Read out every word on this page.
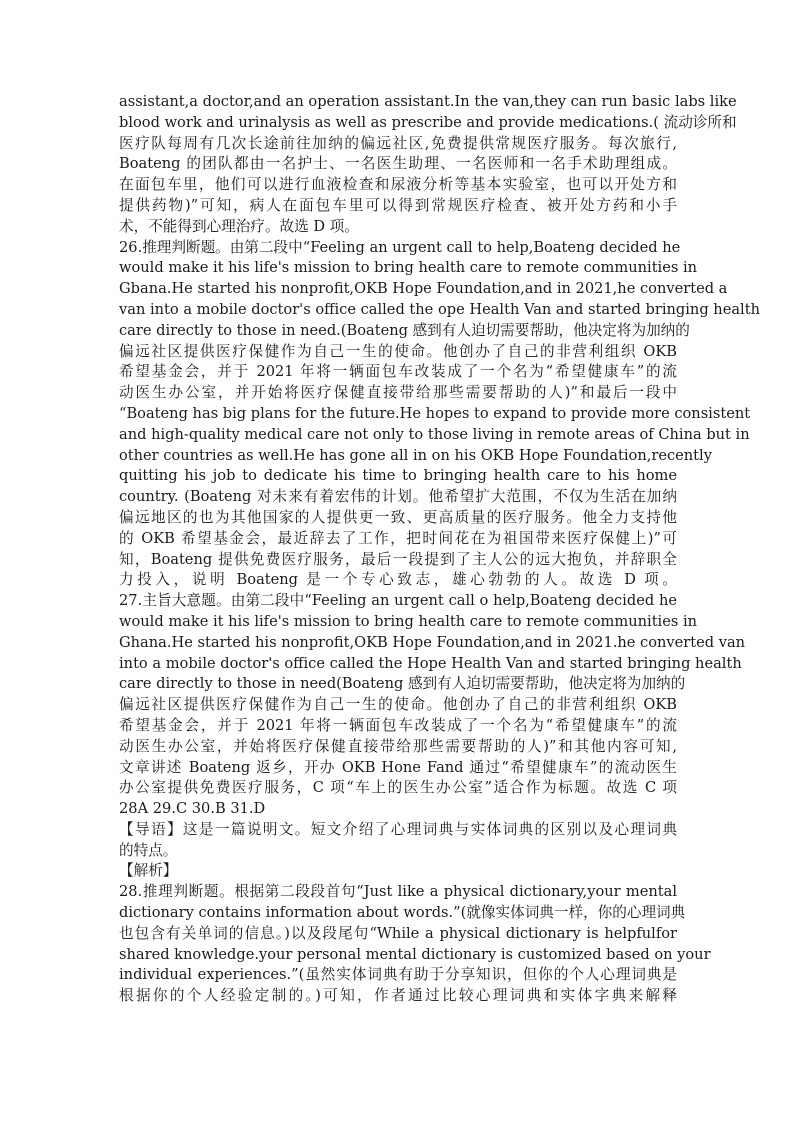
assistant,a doctor,and an operation assistant.In the van,they can run basic labs like
blood work and urinalysis as well as prescribe and provide medications.( 流动诊所和
医疗队每周有几次长途前往加纳的偏远社区,免费提供常规医疗服务。每次旅行,
Boateng 的团队都由一名护士、一名医生助理、一名医师和一名手术助理组成。
在面包车里，他们可以进行血液检查和尿液分析等基本实验室，也可以开处方和
提供药物)”可知，病人在面包车里可以得到常规医疗检查、被开处方药和小手
术，不能得到心理治疗。故选 D 项。
26.推理判断题。由第二段中“Feeling an urgent call to help,Boateng decided he
would make it his life's mission to bring health care to remote communities in
Gbana.He started his nonprofit,OKB Hope Foundation,and in 2021,he converted a
van into a mobile doctor's office called the ope Health Van and started bringing health
care directly to those in need.(Boateng 感到有人迫切需要帮助，他决定将为加纳的
偏远社区提供医疗保健作为自己一生的使命。他创办了自己的非营利组织 OKB
希望基金会，并于 2021 年将一辆面包车改装成了一个名为“希望健康车”的流
动医生办公室，并开始将医疗保健直接带给那些需要帮助的人)”和最后一段中
“Boateng has big plans for the future.He hopes to expand to provide more consistent
and high-quality medical care not only to those living in remote areas of China but in
other countries as well.He has gone all in on his OKB Hope Foundation,recently
quitting his job to dedicate his time to bringing health care to his home
country. (Boateng 对未来有着宏伟的计划。他希望扩大范围，不仅为生活在加纳
偏远地区的也为其他国家的人提供更一致、更高质量的医疗服务。他全力支持他
的 OKB 希望基金会，最近辞去了工作，把时间花在为祖国带来医疗保健上)”可
知，Boateng 提供免费医疗服务，最后一段提到了主人公的远大抱负，并辞职全
力投入，说明 Boateng 是一个专心致志，雄心勃勃的人。故选 D 项。
27.主旨大意题。由第二段中“Feeling an urgent call o help,Boateng decided he
would make it his life's mission to bring health care to remote communities in
Ghana.He started his nonprofit,OKB Hope Foundation,and in 2021.he converted van
into a mobile doctor's office called the Hope Health Van and started bringing health
care directly to those in need(Boateng 感到有人迫切需要帮助，他决定将为加纳的
偏远社区提供医疗保健作为自己一生的使命。他创办了自己的非营利组织 OKB
希望基金会，并于 2021 年将一辆面包车改装成了一个名为“希望健康车”的流
动医生办公室，并始将医疗保健直接带给那些需要帮助的人)”和其他内容可知,
文章讲述 Boateng 返乡，开办 OKB Hone Fand 通过“希望健康车”的流动医生
办公室提供免费医疗服务，C 项“车上的医生办公室”适合作为标题。故选 C 项
28A 29.C 30.B 31.D
【导语】这是一篇说明文。短文介绍了心理词典与实体词典的区别以及心理词典
的特点。
【解析】
28.推理判断题。根据第二段段首句“Just like a physical dictionary,your mental
dictionary contains information about words.”(就像实体词典一样，你的心理词典
也包含有关单词的信息。)以及段尾句“While a physical dictionary is helpfulfor
shared knowledge.your personal mental dictionary is customized based on your
individual experiences.”(虽然实体词典有助于分享知识，但你的个人心理词典是
根据你的个人经验定制的。)可知，作者通过比较心理词典和实体字典来解释
